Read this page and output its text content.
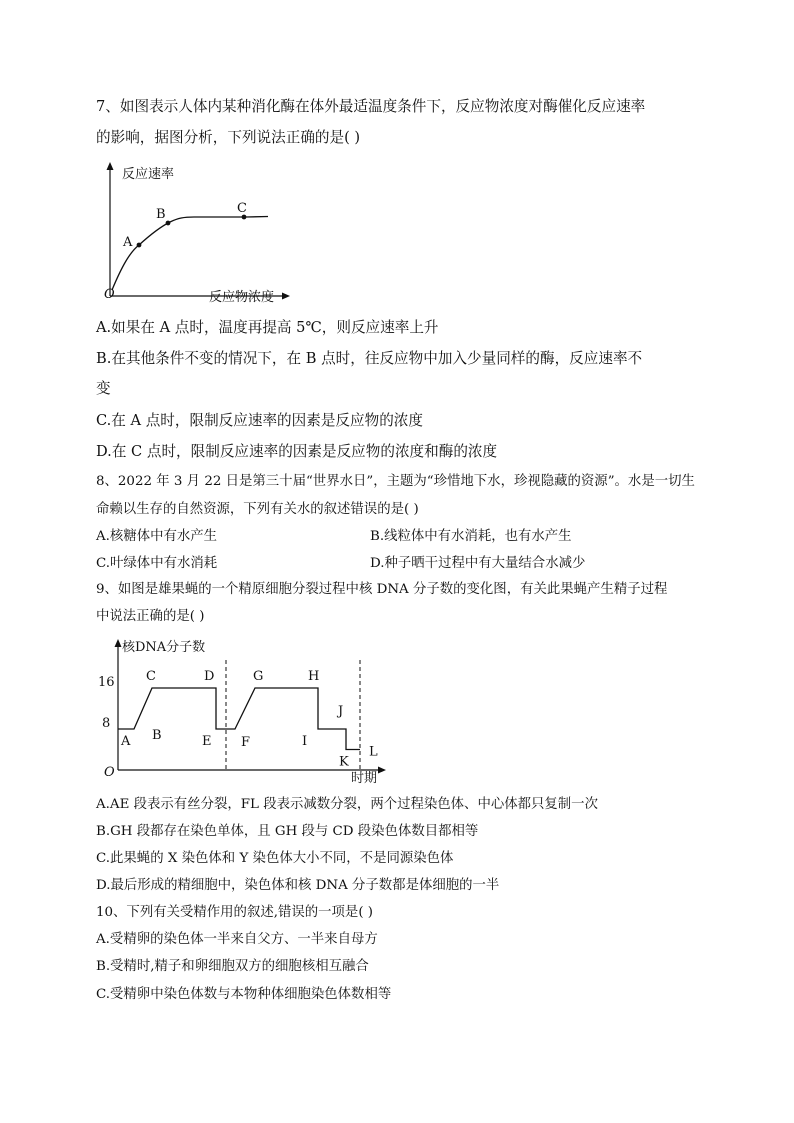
7、如图表示人体内某种消化酶在体外最适温度条件下，反应物浓度对酶催化反应速率
的影响，据图分析，下列说法正确的是( )
反应速率
O	反应物浓度
A
B	C
A.如果在 A 点时，温度再提高 5℃，则反应速率上升
B.在其他条件不变的情况下，在 B 点时，往反应物中加入少量同样的酶，反应速率不
变
C.在 A 点时，限制反应速率的因素是反应物的浓度
D.在 C 点时，限制反应速率的因素是反应物的浓度和酶的浓度
8、2022 年 3 月 22 日是第三十届“世界水日”，主题为“珍惜地下水，珍视隐藏的资源”。水是一切生
命赖以生存的自然资源，下列有关水的叙述错误的是( )
A.核糖体中有水产生	B.线粒体中有水消耗，也有水产生
C.叶绿体中有水消耗	D.种子晒干过程中有大量结合水减少
9、如图是雄果蝇的一个精原细胞分裂过程中核 DNA 分子数的变化图，有关此果蝇产生精子过程
中说法正确的是( )
核DNA分子数
O	时期
16
8
A B
C	D
E F
G	H
I
J
K
L
A.AE 段表示有丝分裂，FL 段表示减数分裂，两个过程染色体、中心体都只复制一次
B.GH 段都存在染色单体，且 GH 段与 CD 段染色体数目都相等
C.此果蝇的 X 染色体和 Y 染色体大小不同，不是同源染色体
D.最后形成的精细胞中，染色体和核 DNA 分子数都是体细胞的一半
10、下列有关受精作用的叙述,错误的一项是( )
A.受精卵的染色体一半来自父方、一半来自母方
B.受精时,精子和卵细胞双方的细胞核相互融合
C.受精卵中染色体数与本物种体细胞染色体数相等
